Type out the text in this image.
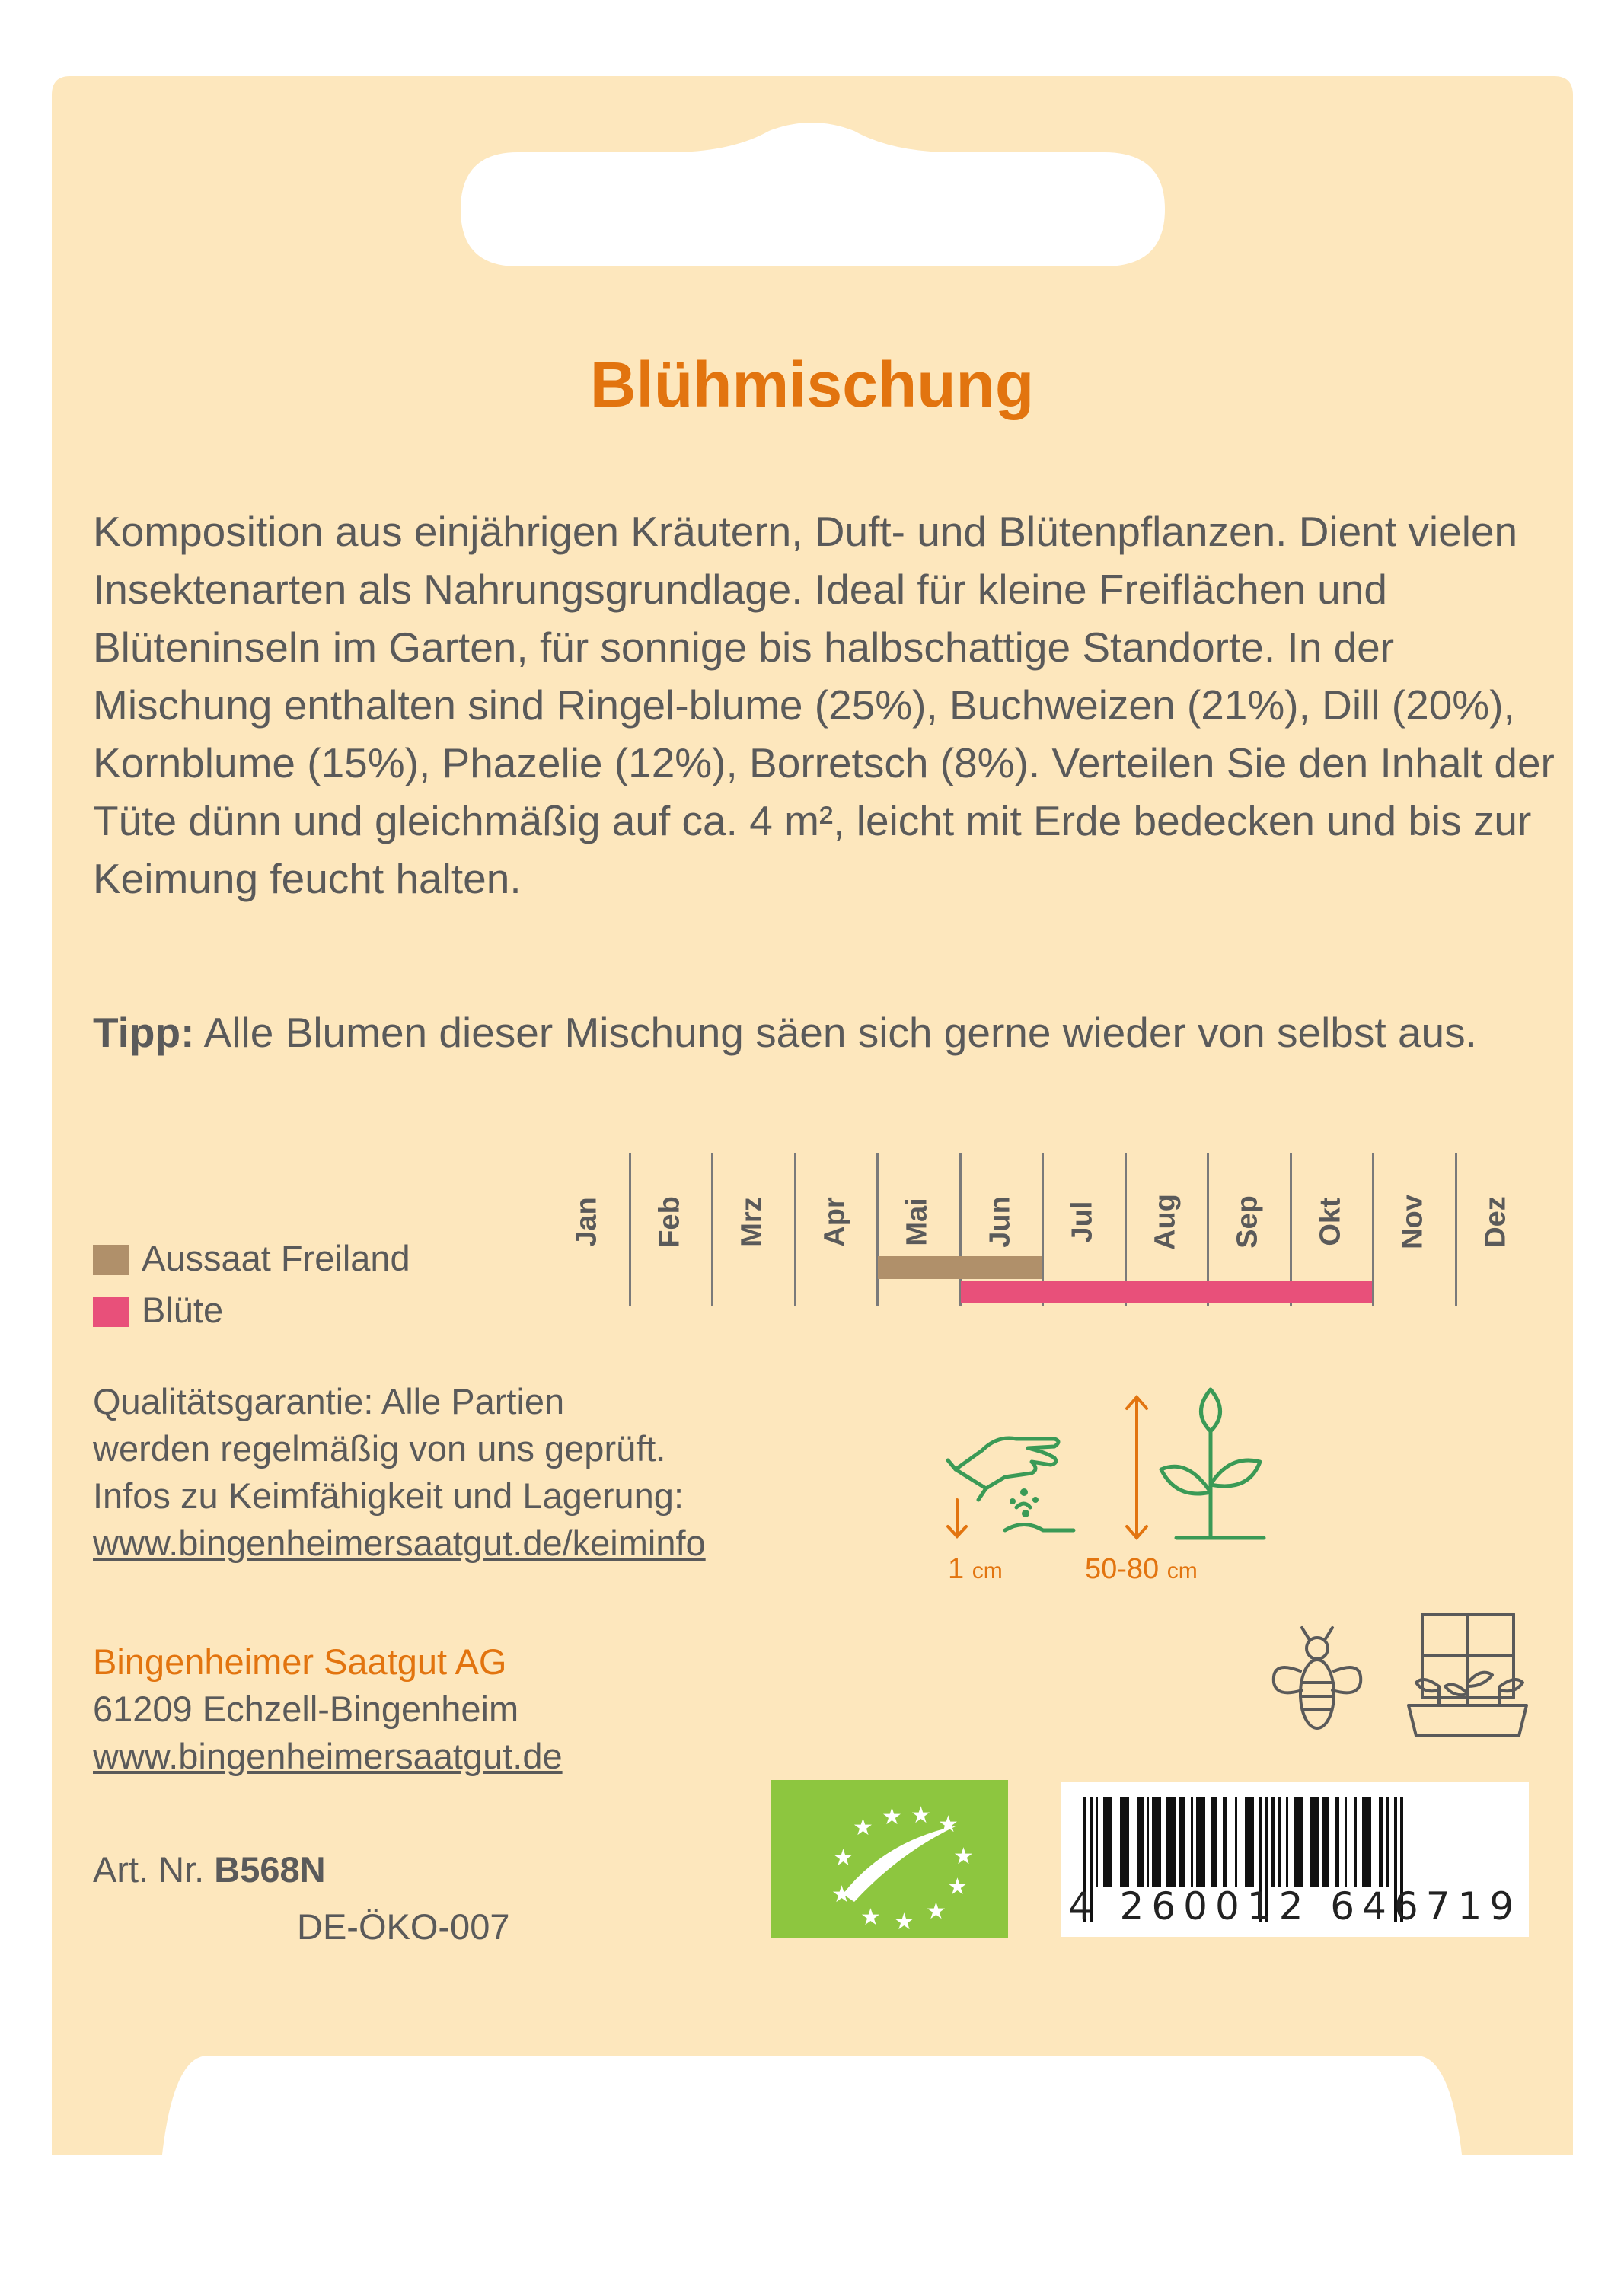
Blühmischung

Komposition aus einjährigen Kräutern, Duft- und Blütenpflanzen. Dient vielen Insektenarten als Nahrungsgrundlage. Ideal für kleine Freiflächen und Blüteninseln im Garten, für sonnige bis halbschattige Standorte. In der Mischung enthalten sind Ringel-blume (25%), Buchweizen (21%), Dill (20%), Kornblume (15%), Phazelie (12%), Borretsch (8%). Verteilen Sie den Inhalt der Tüte dünn und gleichmäßig auf ca. 4 m², leicht mit Erde bedecken und bis zur Keimung feucht halten.

Tipp: Alle Blumen dieser Mischung säen sich gerne wieder von selbst aus.

Aussaat Freiland
Blüte
Jan Feb Mrz Apr Mai Jun Jul Aug Sep Okt Nov Dez
Qualitätsgarantie: Alle Partien
werden regelmäßig von uns geprüft.
Infos zu Keimfähigkeit und Lagerung:
www.bingenheimersaatgut.de/keiminfo
1 cm	50-80 cm
Bingenheimer Saatgut AG
61209 Echzell-Bingenheim
www.bingenheimersaatgut.de
Art. Nr. B568N
DE-ÖKO-007
★ ★ ★ ★
★
★
★ ★ ★
★
★
4 260012 646719
